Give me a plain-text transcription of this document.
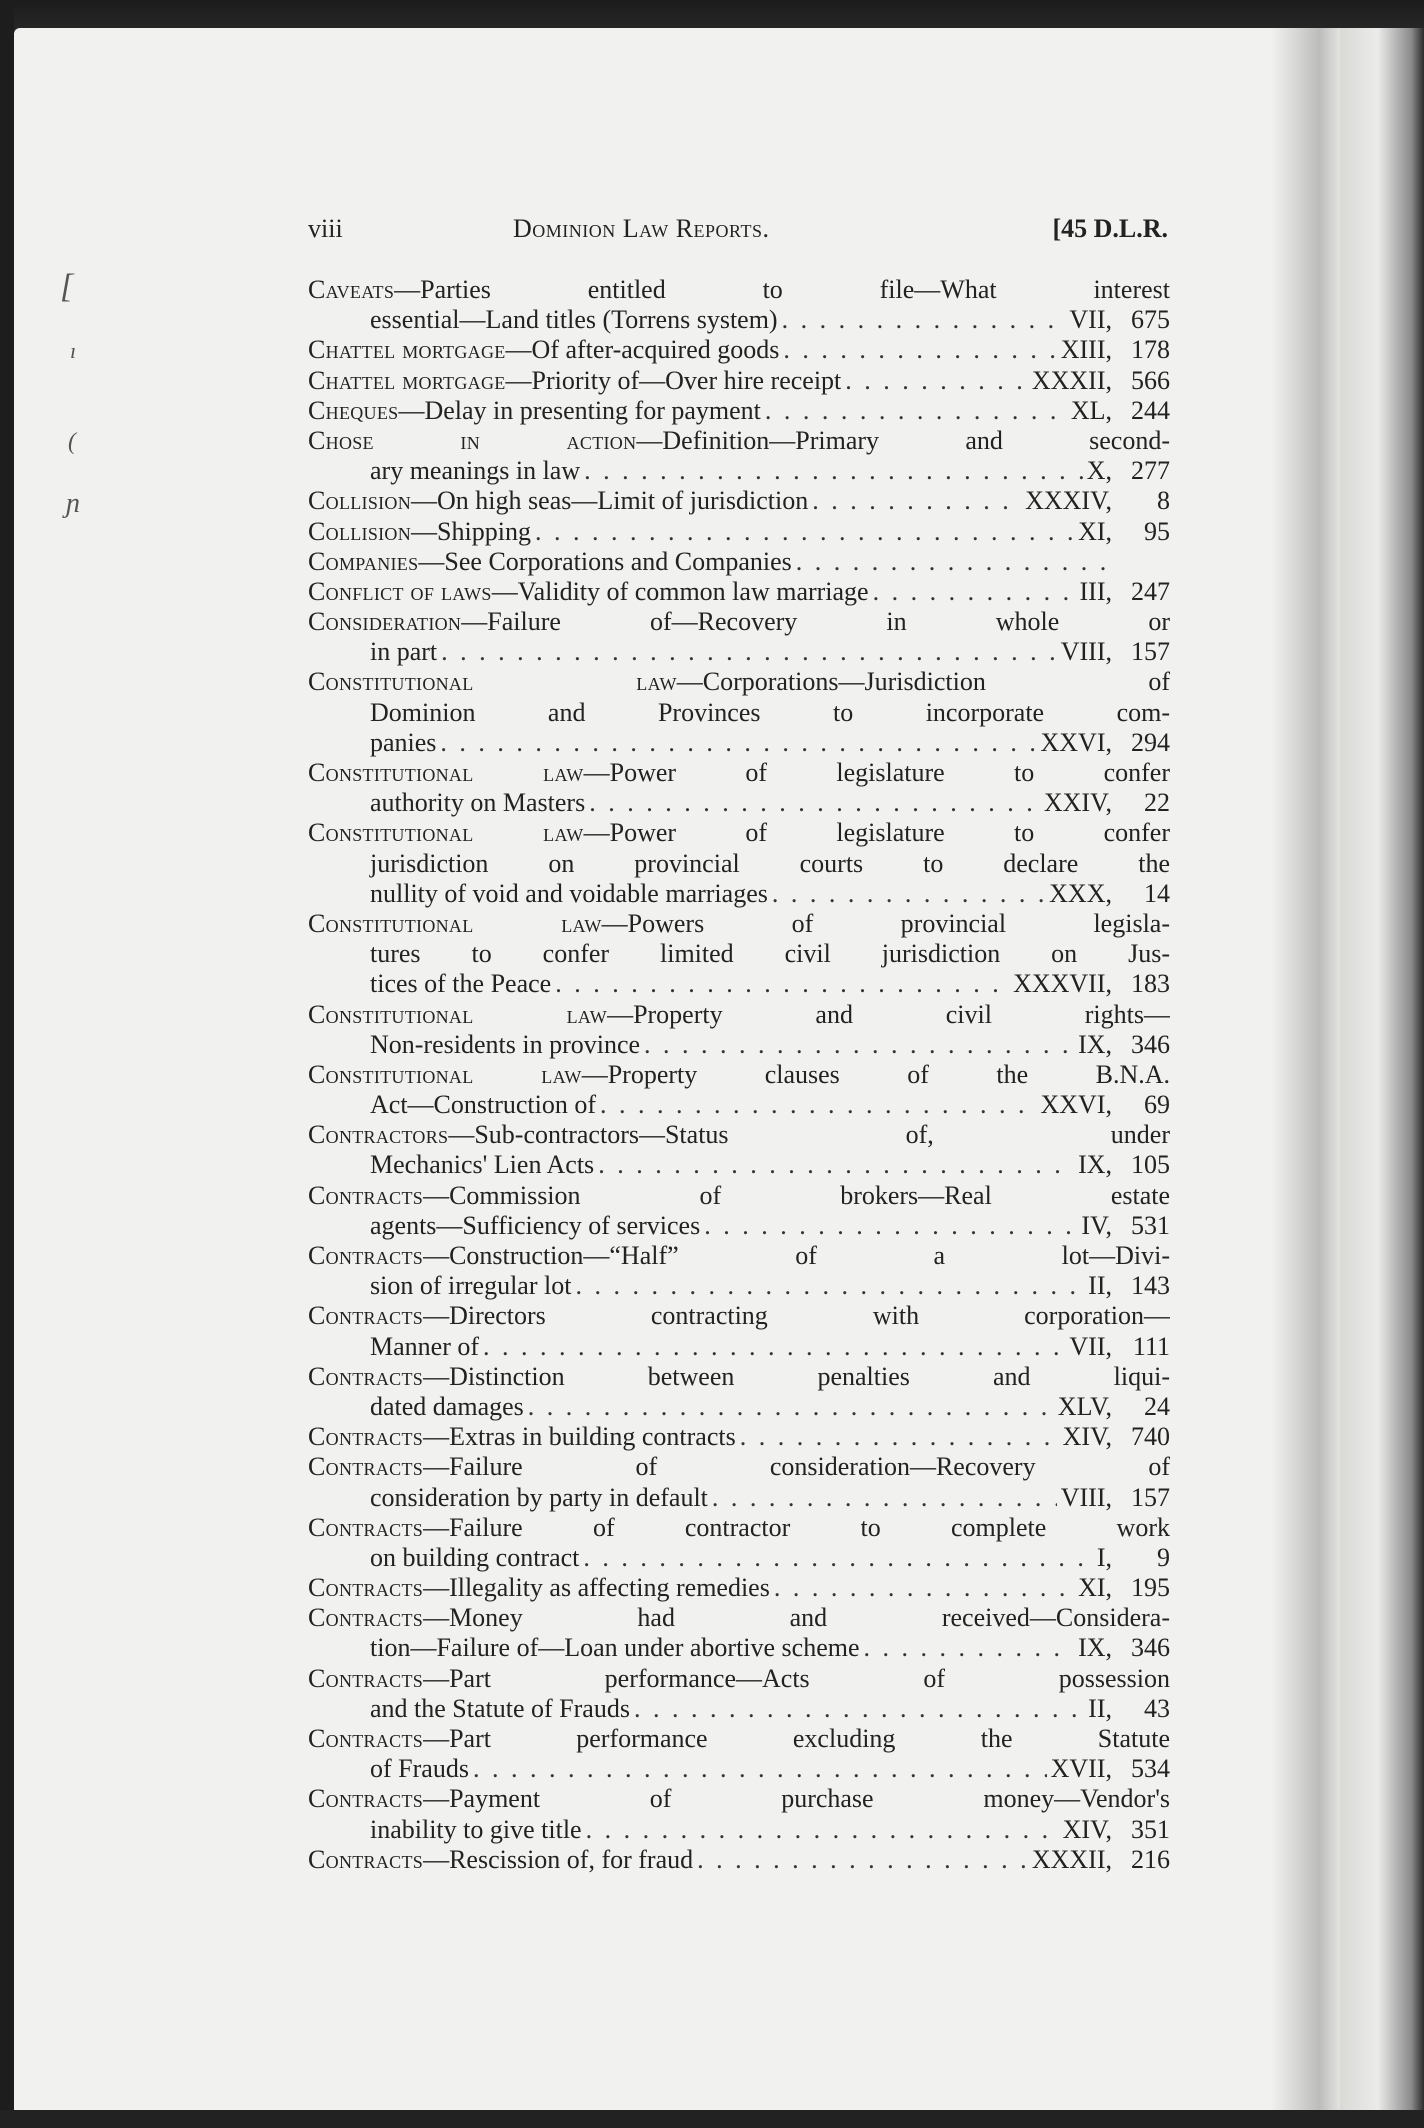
[
ı
(
ɲ
viii	Dominion Law Reports.	[45 D.L.R.
Caveats—Parties entitled to file—What interest
essential—Land titles (Torrens system) . . .	VII, 675
Chattel mortgage —Of after-acquired goods . . .	XIII, 178
Chattel mortgage —Priority of—Over hire receipt . . .	XXXII, 566
Cheques —Delay in presenting for payment . . .	XL, 244
Chose in action—Definition—Primary and second-
ary meanings in law . . .	X, 277
Collision —On high seas—Limit of jurisdiction . . .	XXXIV,	8
Collision —Shipping . . .	XI,	95
Companies —See Corporations and Companies
. . .
Conflict of laws —Validity of common law marriage . . .	III, 247
Consideration—Failure of—Recovery in whole or
in part . . .	VIII, 157
Constitutional law—Corporations—Jurisdiction of
Dominion and Provinces to incorporate com-
panies . . .	XXVI, 294
Constitutional law—Power of legislature to confer
authority on Masters . . .	XXIV,	22
Constitutional law—Power of legislature to confer
jurisdiction on provincial courts to declare the
nullity of void and voidable marriages . . .	XXX,	14
Constitutional law—Powers of provincial legisla-
tures to confer limited civil jurisdiction on Jus-
tices of the Peace . . .	XXXVII, 183
Constitutional law—Property and civil rights—
Non-residents in province . . .	IX, 346
Constitutional law—Property clauses of the B.N.A.
Act—Construction of . . .	XXVI,	69
Contractors—Sub-contractors—Status of, under
Mechanics' Lien Acts . . .	IX, 105
Contracts—Commission of brokers—Real estate
agents—Sufficiency of services . . .	IV, 531
Contracts—Construction—“Half” of a lot—Divi-
sion of irregular lot . . .	II, 143
Contracts—Directors contracting with corporation—
Manner of . . .	VII, 111
Contracts—Distinction between penalties and liqui-
dated damages . . .	XLV,	24
Contracts —Extras in building contracts . . .	XIV, 740
Contracts—Failure of consideration—Recovery of
consideration by party in default . . .	VIII, 157
Contracts—Failure of contractor to complete work
on building contract . . .	I,	9
Contracts —Illegality as affecting remedies . . .	XI, 195
Contracts—Money had and received—Considera-
tion—Failure of—Loan under abortive scheme . . .	IX, 346
Contracts—Part performance—Acts of possession
and the Statute of Frauds . . .	II,	43
Contracts—Part performance excluding the Statute
of Frauds . . .	XVII, 534
Contracts—Payment of purchase money—Vendor's
inability to give title . . .	XIV, 351
Contracts —Rescission of, for fraud . . .	XXXII, 216
